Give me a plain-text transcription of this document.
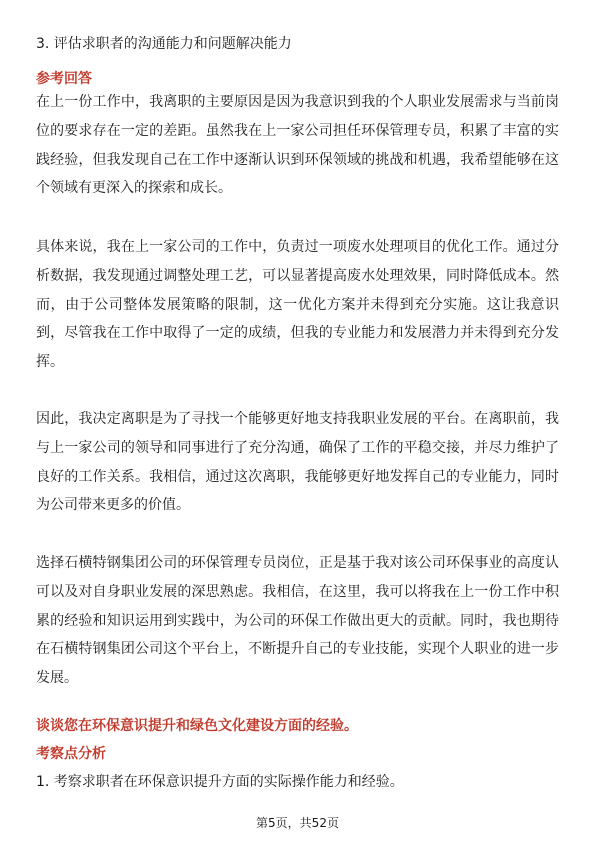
3. 评估求职者的沟通能力和问题解决能力
参考回答
在上一份工作中，我离职的主要原因是因为我意识到我的个人职业发展需求与当前岗位的要求存在一定的差距。虽然我在上一家公司担任环保管理专员，积累了丰富的实践经验，但我发现自己在工作中逐渐认识到环保领域的挑战和机遇，我希望能够在这个领域有更深入的探索和成长。
具体来说，我在上一家公司的工作中，负责过一项废水处理项目的优化工作。通过分析数据，我发现通过调整处理工艺，可以显著提高废水处理效果，同时降低成本。然而，由于公司整体发展策略的限制，这一优化方案并未得到充分实施。这让我意识到，尽管我在工作中取得了一定的成绩，但我的专业能力和发展潜力并未得到充分发挥。
因此，我决定离职是为了寻找一个能够更好地支持我职业发展的平台。在离职前，我与上一家公司的领导和同事进行了充分沟通，确保了工作的平稳交接，并尽力维护了良好的工作关系。我相信，通过这次离职，我能够更好地发挥自己的专业能力，同时为公司带来更多的价值。
选择石横特钢集团公司的环保管理专员岗位，正是基于我对该公司环保事业的高度认可以及对自身职业发展的深思熟虑。我相信，在这里，我可以将我在上一份工作中积累的经验和知识运用到实践中，为公司的环保工作做出更大的贡献。同时，我也期待在石横特钢集团公司这个平台上，不断提升自己的专业技能，实现个人职业的进一步发展。
谈谈您在环保意识提升和绿色文化建设方面的经验。
考察点分析
1. 考察求职者在环保意识提升方面的实际操作能力和经验。
第5页，共52页
